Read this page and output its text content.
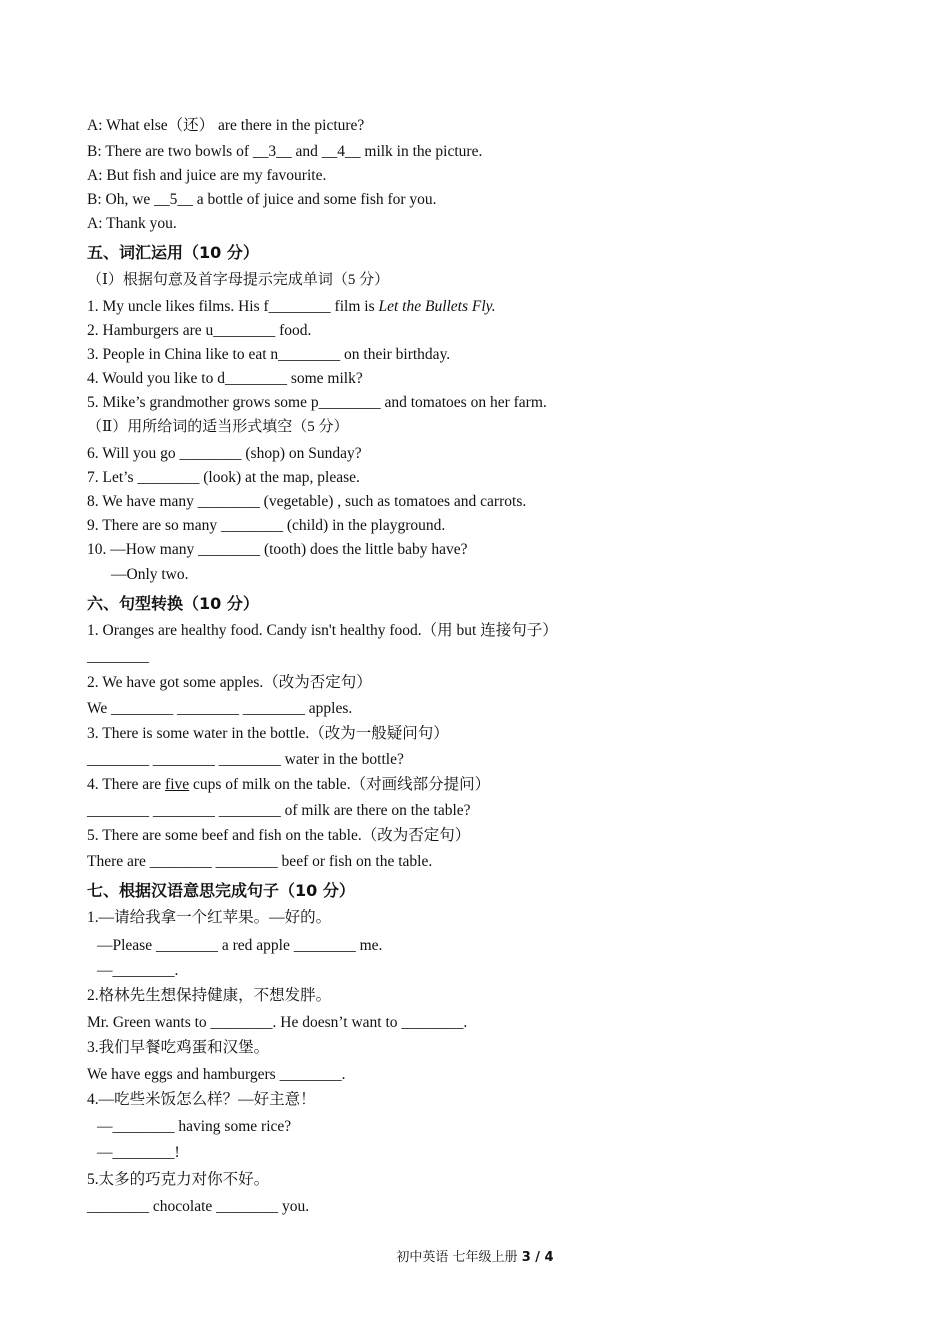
A: What else（还） are there in the picture?
B: There are two bowls of __3__ and __4__ milk in the picture.
A: But fish and juice are my favourite.
B: Oh, we __5__ a bottle of juice and some fish for you.
A: Thank you.
五、词汇运用（10 分）
（Ⅰ）根据句意及首字母提示完成单词（5 分）
1. My uncle likes films. His f________ film is Let the Bullets Fly.
2. Hamburgers are u________ food.
3. People in China like to eat n________ on their birthday.
4. Would you like to d________ some milk?
5. Mike’s grandmother grows some p________ and tomatoes on her farm.
（Ⅱ）用所给词的适当形式填空（5 分）
6. Will you go ________ (shop) on Sunday?
7. Let’s ________ (look) at the map, please.
8. We have many ________ (vegetable) , such as tomatoes and carrots.
9. There are so many ________ (child) in the playground.
10. —How many ________ (tooth) does the little baby have?
—Only two.
六、句型转换（10 分）
1. Oranges are healthy food. Candy isn't healthy food.（用 but 连接句子）
________
2. We have got some apples.（改为否定句）
We ________ ________ ________ apples.
3. There is some water in the bottle.（改为一般疑问句）
________ ________ ________ water in the bottle?
4. There are five cups of milk on the table.（对画线部分提问）
________ ________ ________ of milk are there on the table?
5. There are some beef and fish on the table.（改为否定句）
There are ________ ________ beef or fish on the table.
七、根据汉语意思完成句子（10 分）
1.—请给我拿一个红苹果。—好的。
—Please ________ a red apple ________ me.
—________.
2.格林先生想保持健康，不想发胖。
Mr. Green wants to ________. He doesn’t want to ________.
3.我们早餐吃鸡蛋和汉堡。
We have eggs and hamburgers ________.
4.—吃些米饭怎么样？—好主意！
—________ having some rice?
—________!
5.太多的巧克力对你不好。
________ chocolate ________ you.
初中英语 七年级上册 3 / 4
